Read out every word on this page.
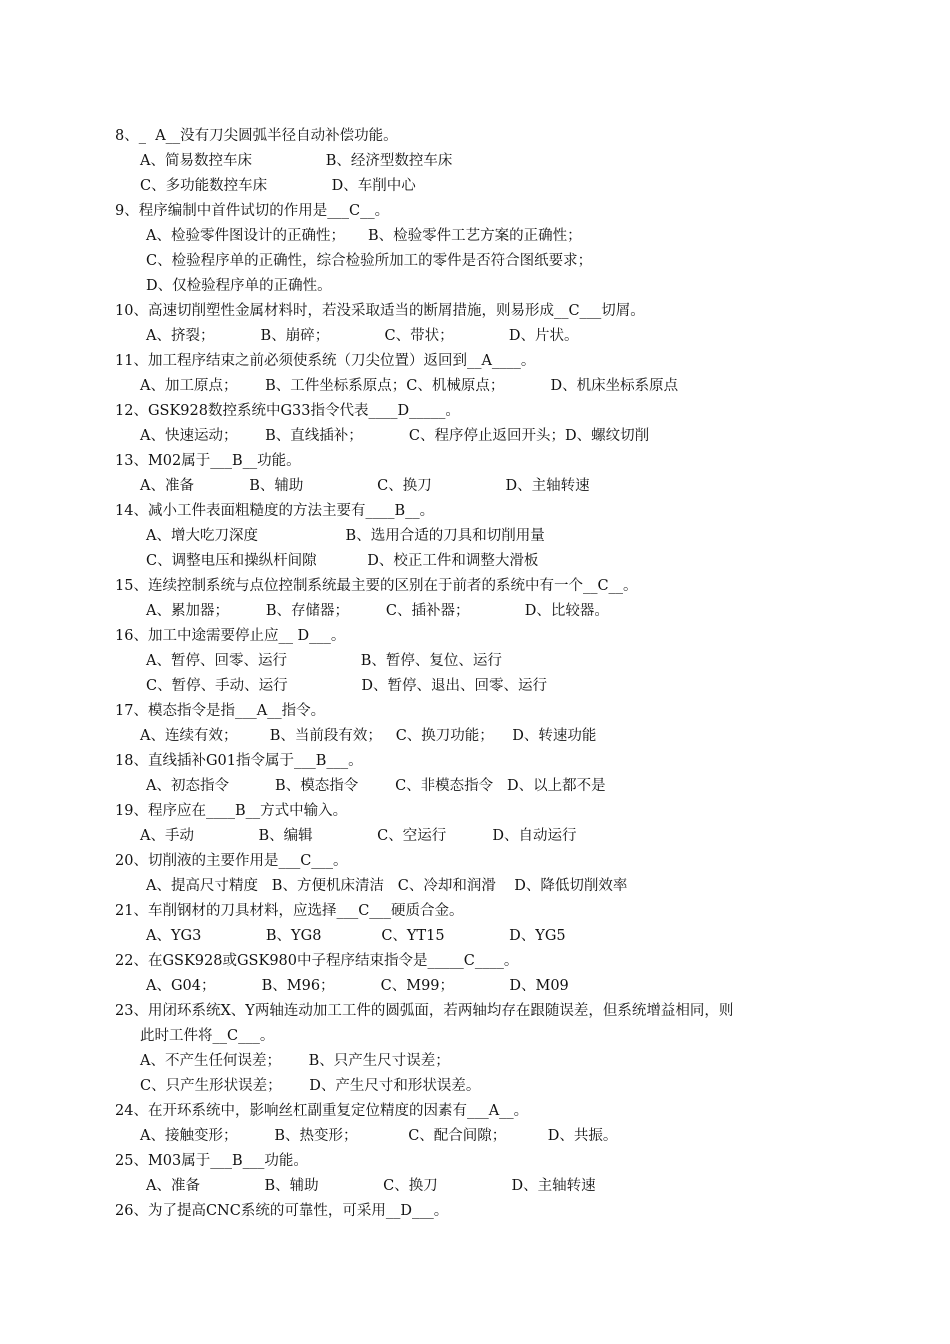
8、_  A__没有刀尖圆弧半径自动补偿功能。
A、简易数控车床                B、经济型数控车床
C、多功能数控车床              D、车削中心
9、程序编制中首件试切的作用是___C__。
A、检验零件图设计的正确性；     B、检验零件工艺方案的正确性；
C、检验程序单的正确性，综合检验所加工的零件是否符合图纸要求；
D、仅检验程序单的正确性。
10、高速切削塑性金属材料时，若没采取适当的断屑措施，则易形成__C___切屑。
A、挤裂；          B、崩碎；            C、带状；            D、片状。
11、加工程序结束之前必须使系统（刀尖位置）返回到__A____。
A、加工原点；      B、工件坐标系原点；C、机械原点；          D、机床坐标系原点
12、GSK928数控系统中G33指令代表____D_____。
A、快速运动；      B、直线插补；          C、程序停止返回开头；D、螺纹切削
13、M02属于___B__功能。
A、准备            B、辅助                C、换刀                D、主轴转速
14、减小工件表面粗糙度的方法主要有____B__。
A、增大吃刀深度                   B、选用合适的刀具和切削用量
C、调整电压和操纵杆间隙           D、校正工件和调整大滑板
15、连续控制系统与点位控制系统最主要的区别在于前者的系统中有一个__C__。
A、累加器；        B、存储器；        C、插补器；            D、比较器。
16、加工中途需要停止应__ D___。
A、暂停、回零、运行                B、暂停、复位、运行
C、暂停、手动、运行                D、暂停、退出、回零、运行
17、模态指令是指___A__指令。
A、连续有效；       B、当前段有效；   C、换刀功能；    D、转速功能
18、直线插补G01指令属于___B___。
A、初态指令          B、模态指令        C、非模态指令   D、以上都不是
19、程序应在____B__方式中输入。
A、手动              B、编辑              C、空运行          D、自动运行
20、切削液的主要作用是___C___。
A、提高尺寸精度   B、方便机床清洁   C、冷却和润滑    D、降低切削效率
21、车削钢材的刀具材料，应选择___C___硬质合金。
A、YG3              B、YG8             C、YT15              D、YG5
22、在GSK928或GSK980中子程序结束指令是_____C____。
A、G04；          B、M96；          C、M99；            D、M09
23、用闭环系统X、Y两轴连动加工工件的圆弧面，若两轴均存在跟随误差，但系统增益相同，则
此时工件将__C___。
A、不产生任何误差；      B、只产生尺寸误差；
C、只产生形状误差；      D、产生尺寸和形状误差。
24、在开环系统中，影响丝杠副重复定位精度的因素有___A__。
A、接触变形；        B、热变形；           C、配合间隙；         D、共振。
25、M03属于___B___功能。
A、准备              B、辅助              C、换刀                D、主轴转速
26、为了提高CNC系统的可靠性，可采用__D___。
